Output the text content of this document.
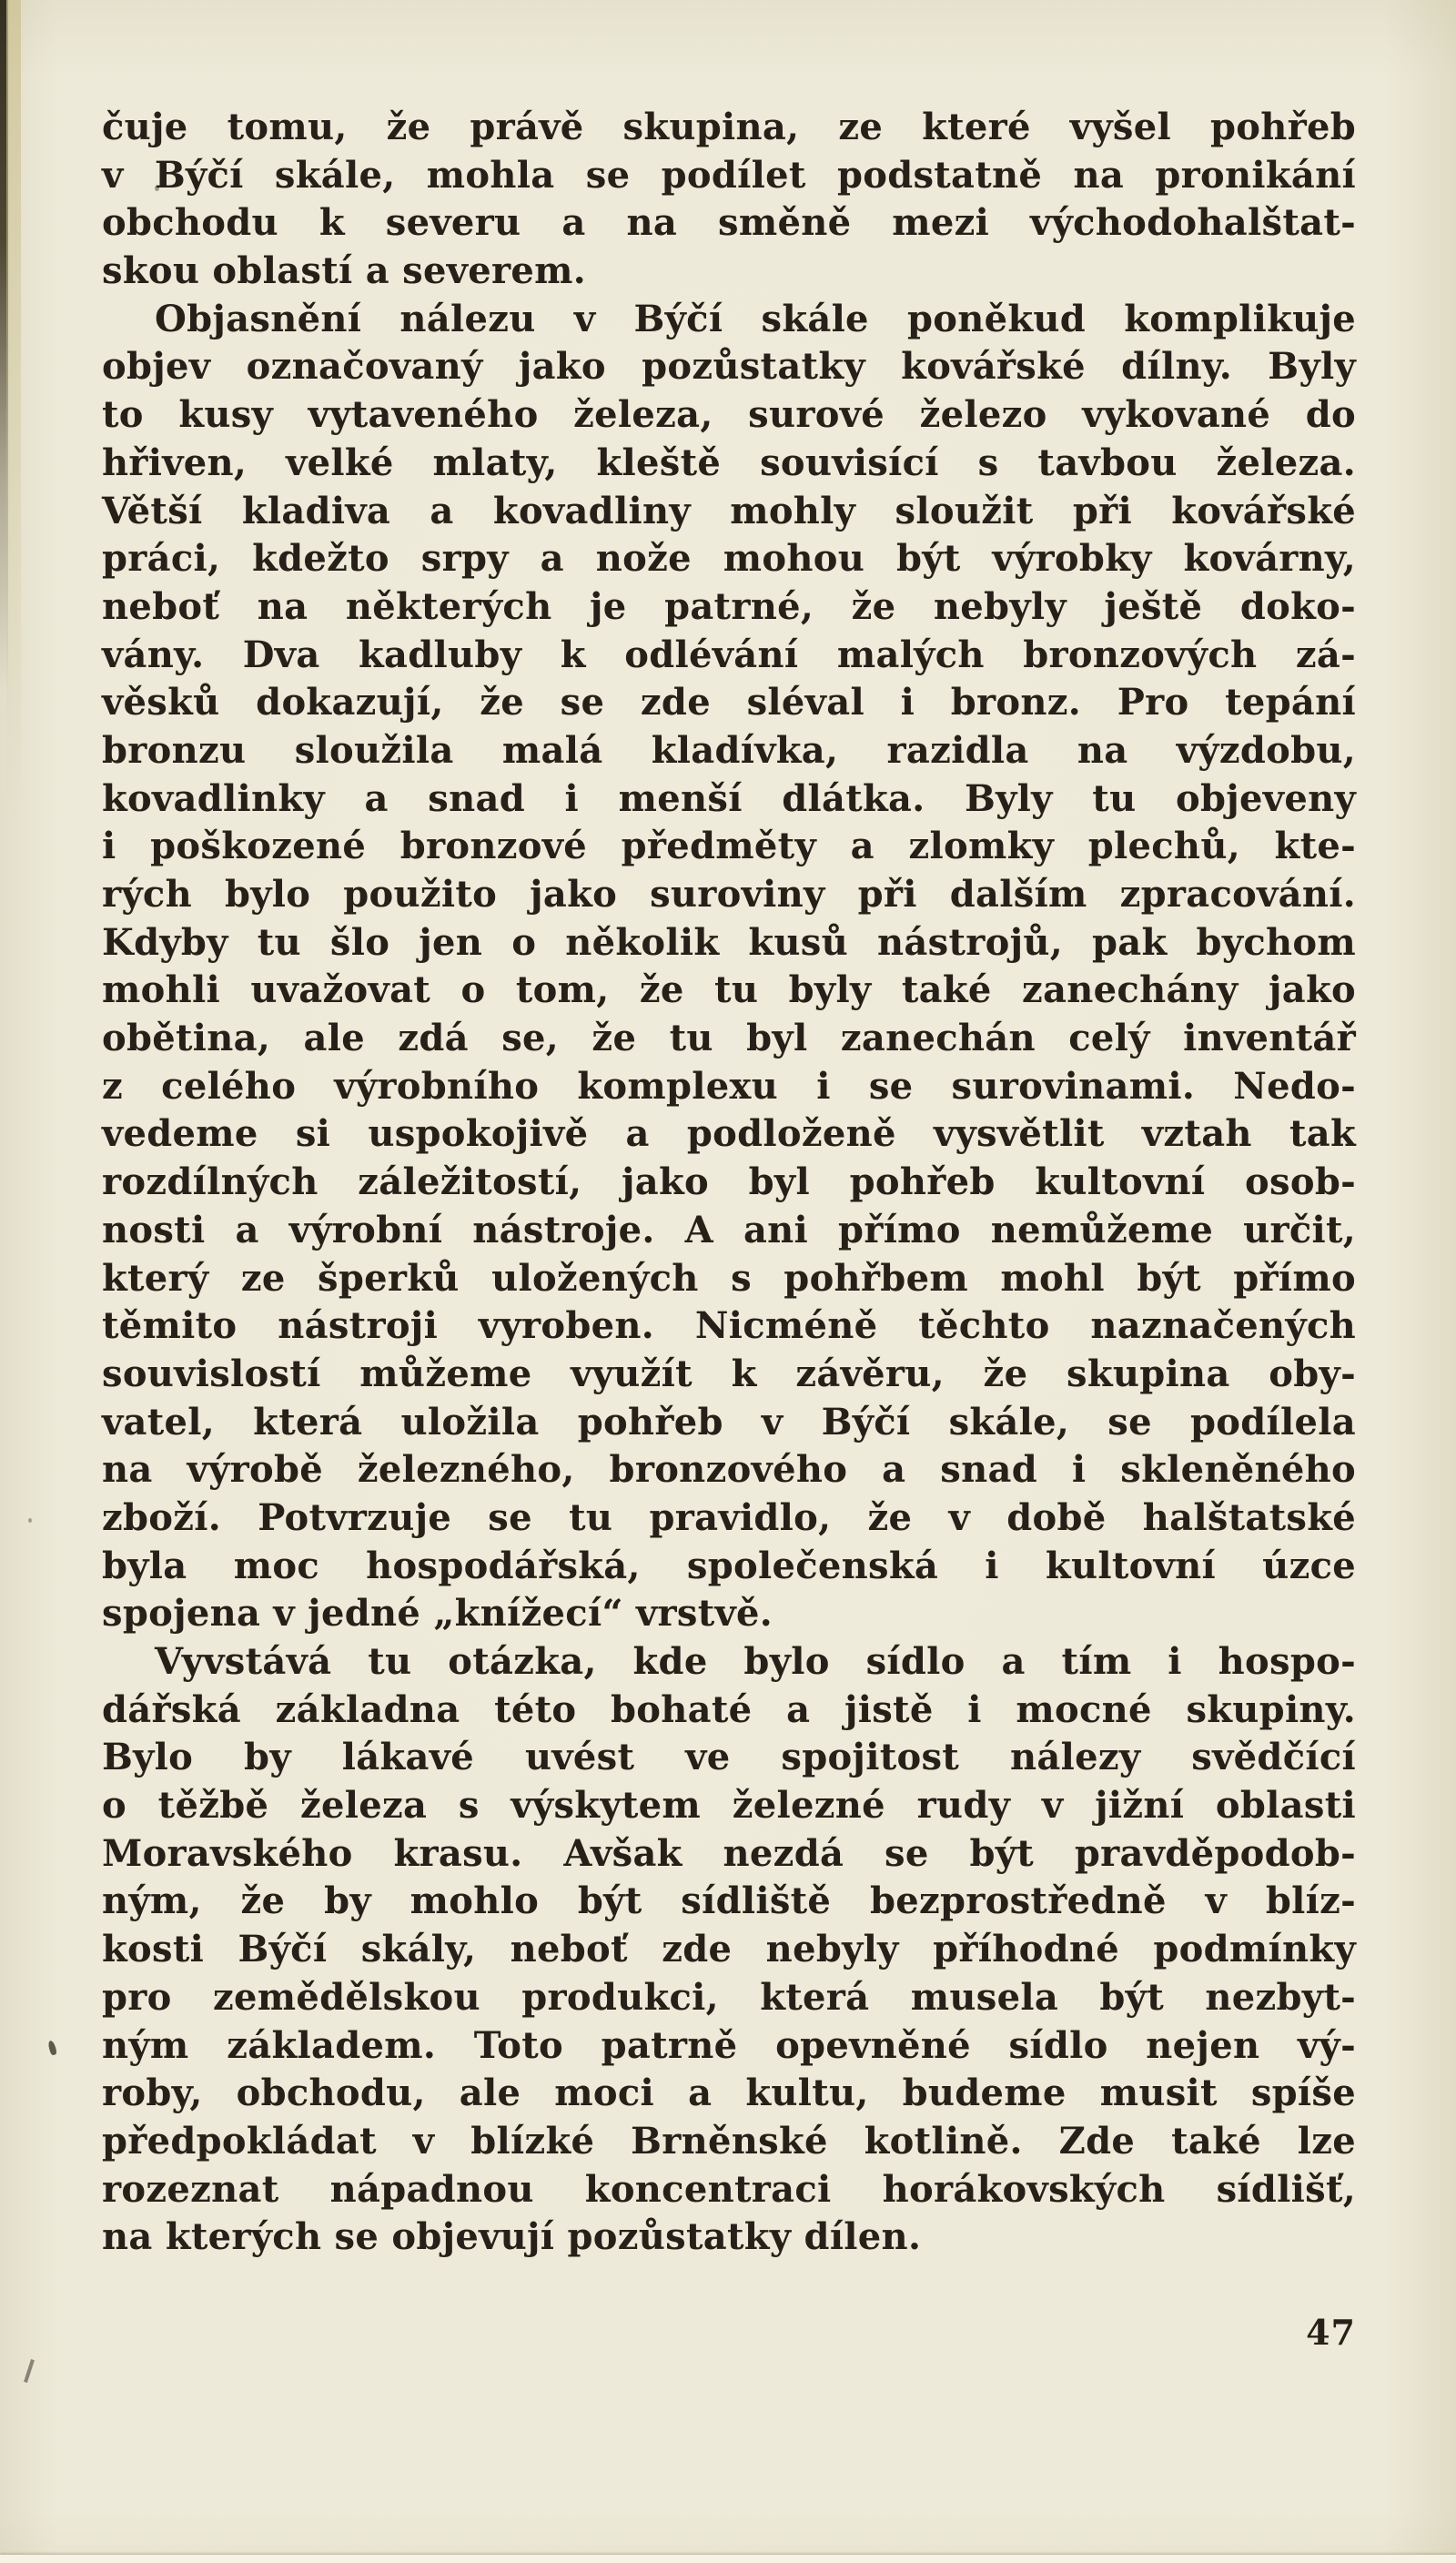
čuje tomu, že právě skupina, ze které vyšel pohřeb
v Býčí skále, mohla se podílet podstatně na pronikání
obchodu k severu a na směně mezi východohalštat-
skou oblastí a severem.
Objasnění nálezu v Býčí skále poněkud komplikuje
objev označovaný jako pozůstatky kovářské dílny. Byly
to kusy vytaveného železa, surové železo vykované do
hřiven, velké mlaty, kleště souvisící s tavbou železa.
Větší kladiva a kovadliny mohly sloužit při kovářské
práci, kdežto srpy a nože mohou být výrobky kovárny,
neboť na některých je patrné, že nebyly ještě doko-
vány. Dva kadluby k odlévání malých bronzových zá-
věsků dokazují, že se zde sléval i bronz. Pro tepání
bronzu sloužila malá kladívka, razidla na výzdobu,
kovadlinky a snad i menší dlátka. Byly tu objeveny
i poškozené bronzové předměty a zlomky plechů, kte-
rých bylo použito jako suroviny při dalším zpracování.
Kdyby tu šlo jen o několik kusů nástrojů, pak bychom
mohli uvažovat o tom, že tu byly také zanechány jako
obětina, ale zdá se, že tu byl zanechán celý inventář
z celého výrobního komplexu i se surovinami. Nedo-
vedeme si uspokojivě a podloženě vysvětlit vztah tak
rozdílných záležitostí, jako byl pohřeb kultovní osob-
nosti a výrobní nástroje. A ani přímo nemůžeme určit,
který ze šperků uložených s pohřbem mohl být přímo
těmito nástroji vyroben. Nicméně těchto naznačených
souvislostí můžeme využít k závěru, že skupina oby-
vatel, která uložila pohřeb v Býčí skále, se podílela
na výrobě železného, bronzového a snad i skleněného
zboží. Potvrzuje se tu pravidlo, že v době halštatské
byla moc hospodářská, společenská i kultovní úzce
spojena v jedné „knížecí“ vrstvě.
Vyvstává tu otázka, kde bylo sídlo a tím i hospo-
dářská základna této bohaté a jistě i mocné skupiny.
Bylo by lákavé uvést ve spojitost nálezy svědčící
o těžbě železa s výskytem železné rudy v jižní oblasti
Moravského krasu. Avšak nezdá se být pravděpodob-
ným, že by mohlo být sídliště bezprostředně v blíz-
kosti Býčí skály, neboť zde nebyly příhodné podmínky
pro zemědělskou produkci, která musela být nezbyt-
ným základem. Toto patrně opevněné sídlo nejen vý-
roby, obchodu, ale moci a kultu, budeme musit spíše
předpokládat v blízké Brněnské kotlině. Zde také lze
rozeznat nápadnou koncentraci horákovských sídlišť,
na kterých se objevují pozůstatky dílen.
47
